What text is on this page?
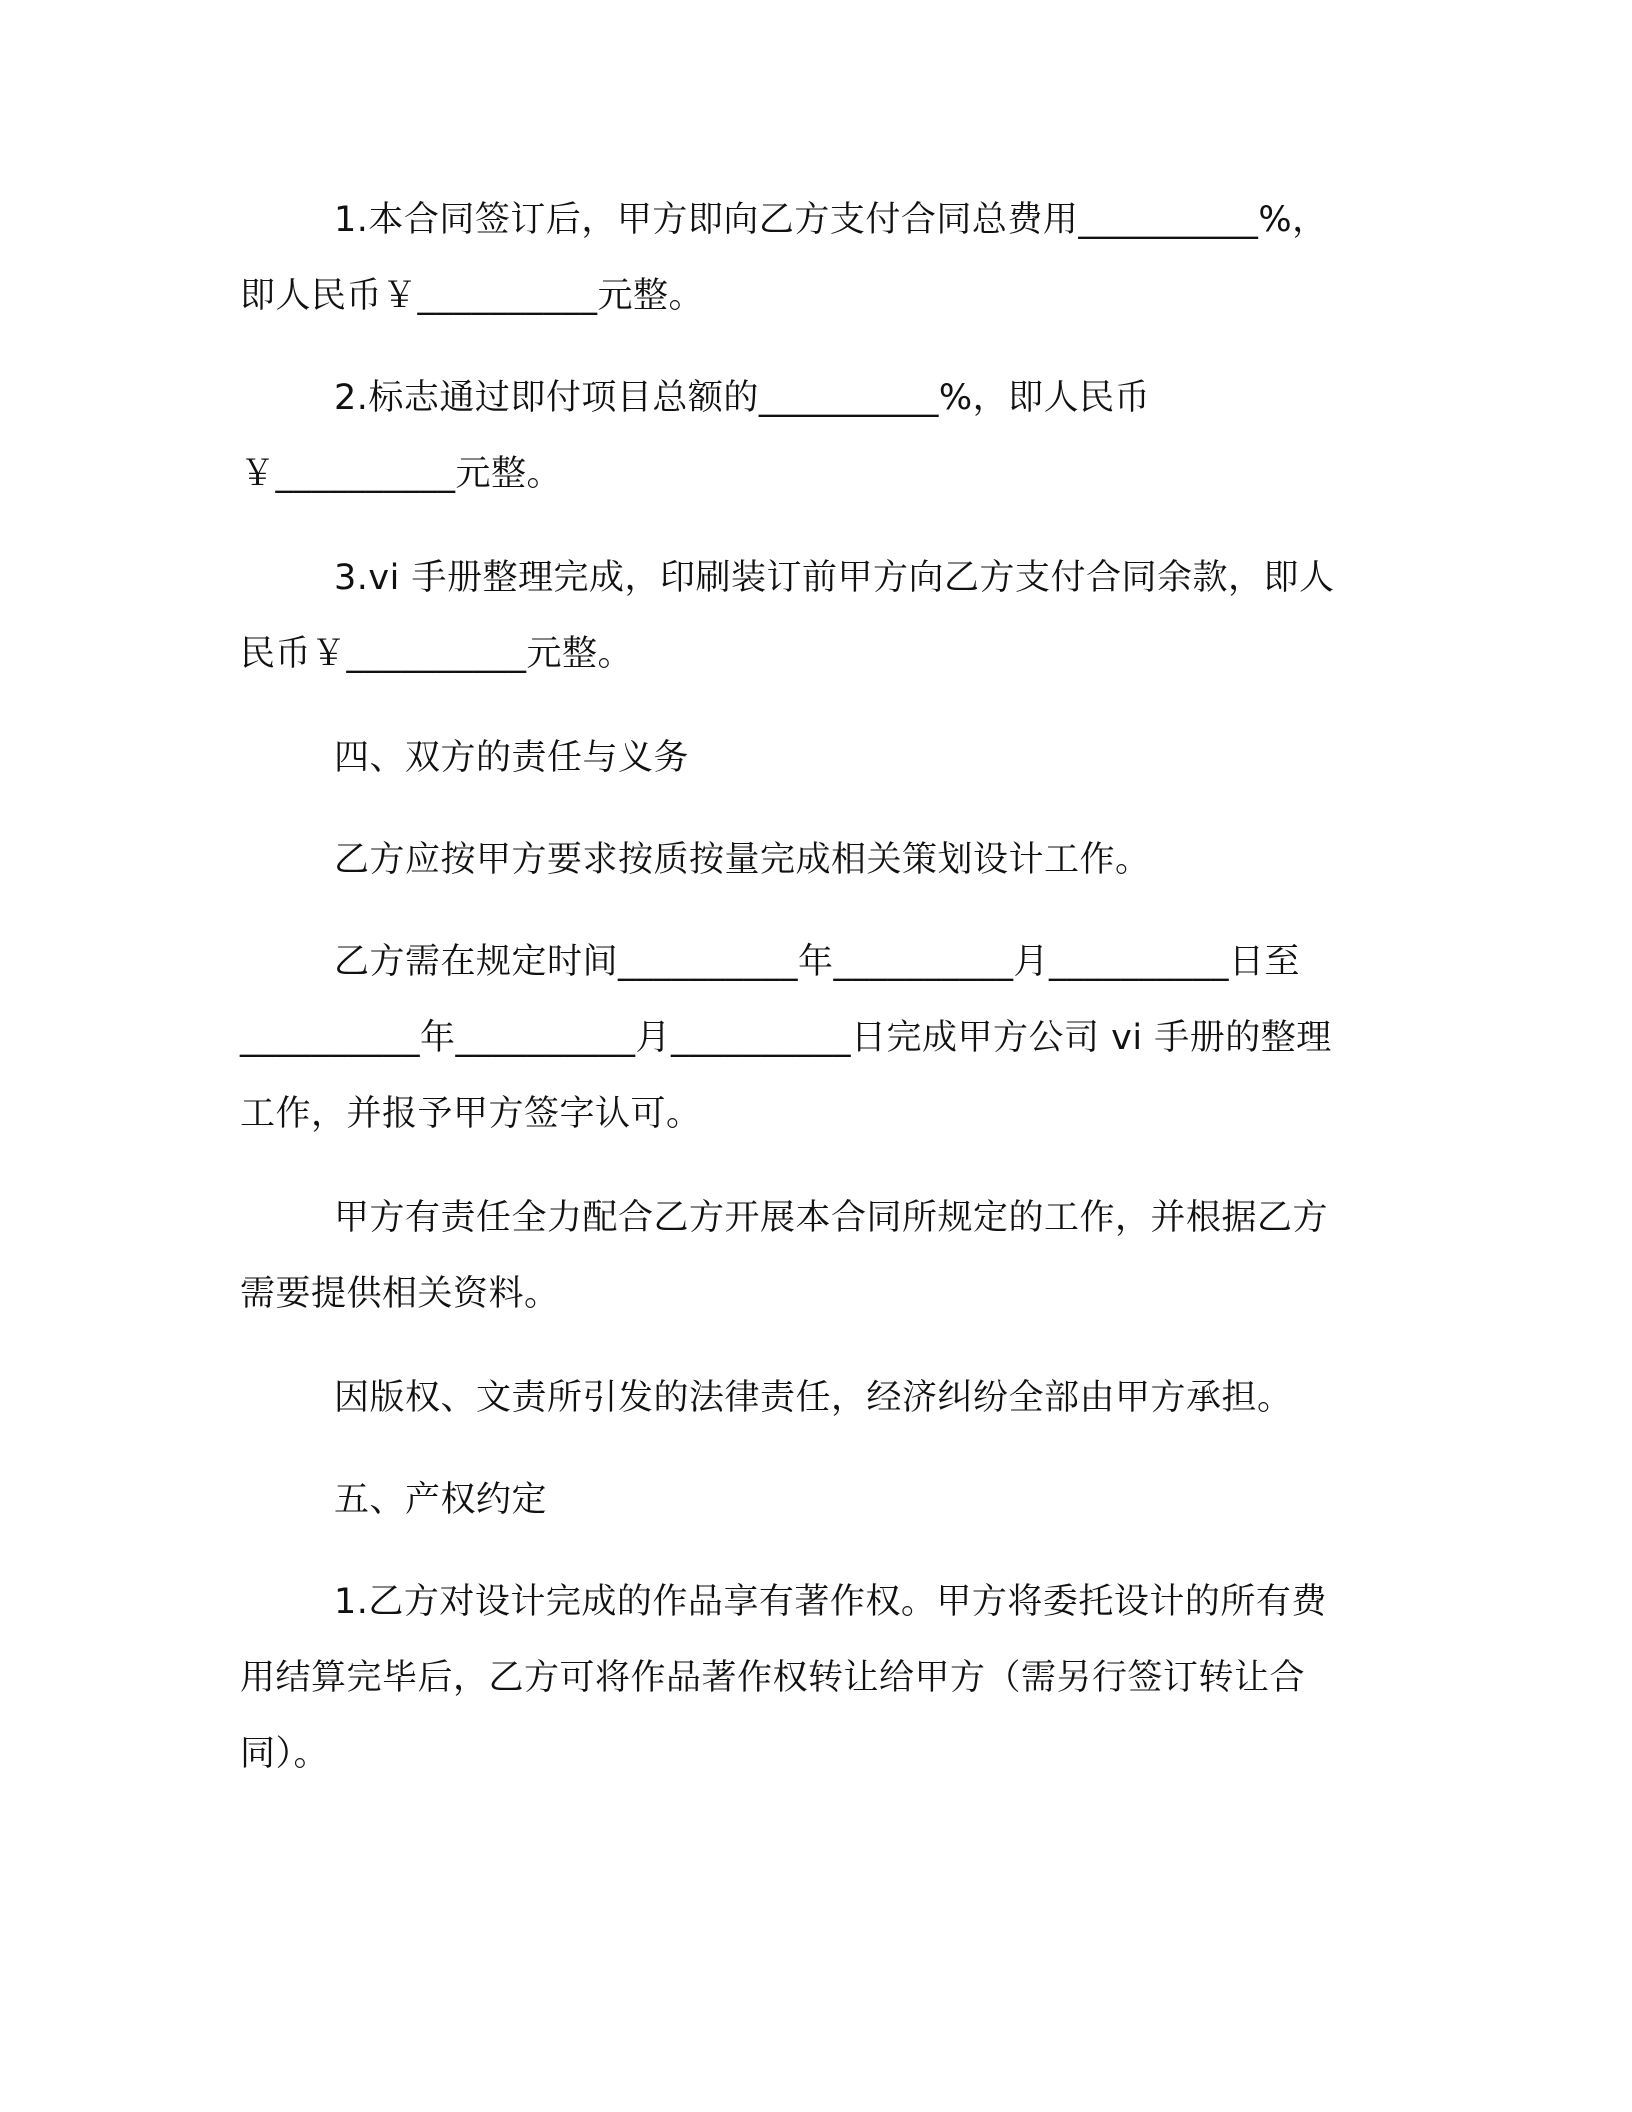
1.本合同签订后，甲方即向乙方支付合同总费用__________%，
即人民币￥__________元整。
2.标志通过即付项目总额的__________%，即人民币
￥__________元整。
3.vi 手册整理完成，印刷装订前甲方向乙方支付合同余款，即人
民币￥__________元整。
四、双方的责任与义务
乙方应按甲方要求按质按量完成相关策划设计工作。
乙方需在规定时间__________年__________月__________日至
__________年__________月__________日完成甲方公司 vi 手册的整理
工作，并报予甲方签字认可。
甲方有责任全力配合乙方开展本合同所规定的工作，并根据乙方
需要提供相关资料。
因版权、文责所引发的法律责任，经济纠纷全部由甲方承担。
五、产权约定
1.乙方对设计完成的作品享有著作权。甲方将委托设计的所有费
用结算完毕后，乙方可将作品著作权转让给甲方（需另行签订转让合
同）。
